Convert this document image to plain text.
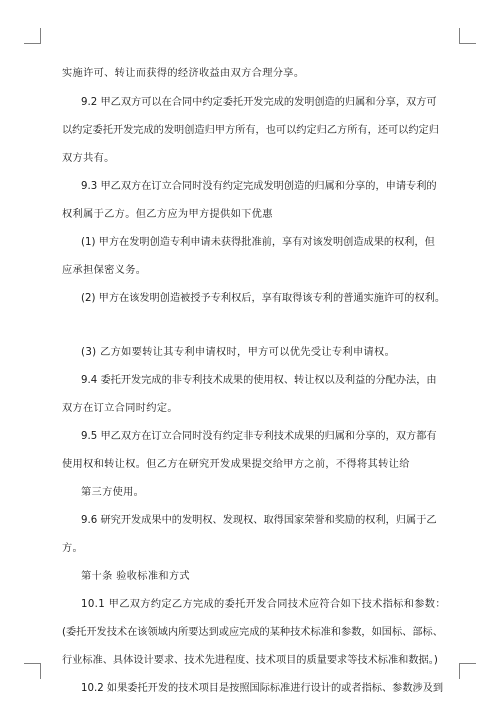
实施许可、转让而获得的经济收益由双方合理分享。
9.2 甲乙双方可以在合同中约定委托开发完成的发明创造的归属和分享，双方可
以约定委托开发完成的发明创造归甲方所有，也可以约定归乙方所有，还可以约定归
双方共有。
9.3 甲乙双方在订立合同时没有约定完成发明创造的归属和分享的，申请专利的
权利属于乙方。但乙方应为甲方提供如下优惠
(1) 甲方在发明创造专利申请未获得批准前，享有对该发明创造成果的权利，但
应承担保密义务。
(2) 甲方在该发明创造被授予专利权后，享有取得该专利的普通实施许可的权利。
(3) 乙方如要转让其专利申请权时，甲方可以优先受让专利申请权。
9.4 委托开发完成的非专利技术成果的使用权、转让权以及利益的分配办法，由
双方在订立合同时约定。
9.5 甲乙双方在订立合同时没有约定非专利技术成果的归属和分享的，双方都有
使用权和转让权。但乙方在研究开发成果提交给甲方之前，不得将其转让给
第三方使用。
9.6 研究开发成果中的发明权、发现权、取得国家荣誉和奖励的权利，归属于乙
方。
第十条 验收标准和方式
10.1 甲乙双方约定乙方完成的委托开发合同技术应符合如下技术指标和参数：
(委托开发技术在该领域内所要达到或应完成的某种技术标准和参数，如国标、部标、
行业标准、具体设计要求、技术先进程度、技术项目的质量要求等技术标准和数据。)
10.2 如果委托开发的技术项目是按照国际标准进行设计的或者指标、参数涉及到
